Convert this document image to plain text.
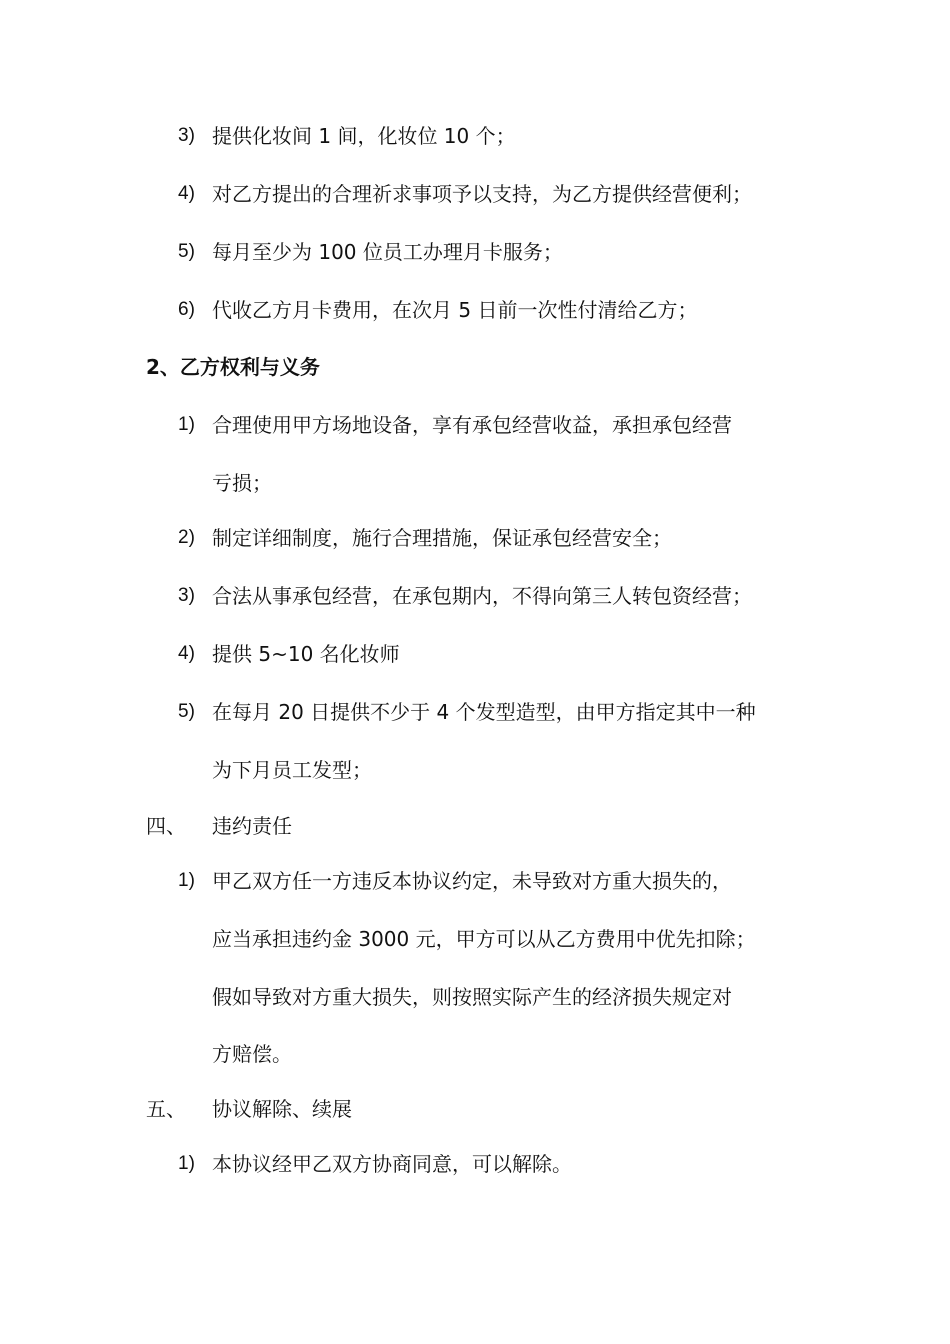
3) 提供化妆间 1 间，化妆位 10 个；
4) 对乙方提出的合理祈求事项予以支持，为乙方提供经营便利；
5) 每月至少为 100 位员工办理月卡服务；
6) 代收乙方月卡费用，在次月 5 日前一次性付清给乙方；
2、乙方权利与义务
1) 合理使用甲方场地设备，享有承包经营收益，承担承包经营
亏损；
2) 制定详细制度，施行合理措施，保证承包经营安全；
3) 合法从事承包经营，在承包期内，不得向第三人转包资经营；
4) 提供 5~10 名化妆师
5) 在每月 20 日提供不少于 4 个发型造型，由甲方指定其中一种
为下月员工发型；
四、 违约责任
1) 甲乙双方任一方违反本协议约定，未导致对方重大损失的，
应当承担违约金 3000 元，甲方可以从乙方费用中优先扣除；
假如导致对方重大损失，则按照实际产生的经济损失规定对
方赔偿。
五、 协议解除、续展
1) 本协议经甲乙双方协商同意，可以解除。
